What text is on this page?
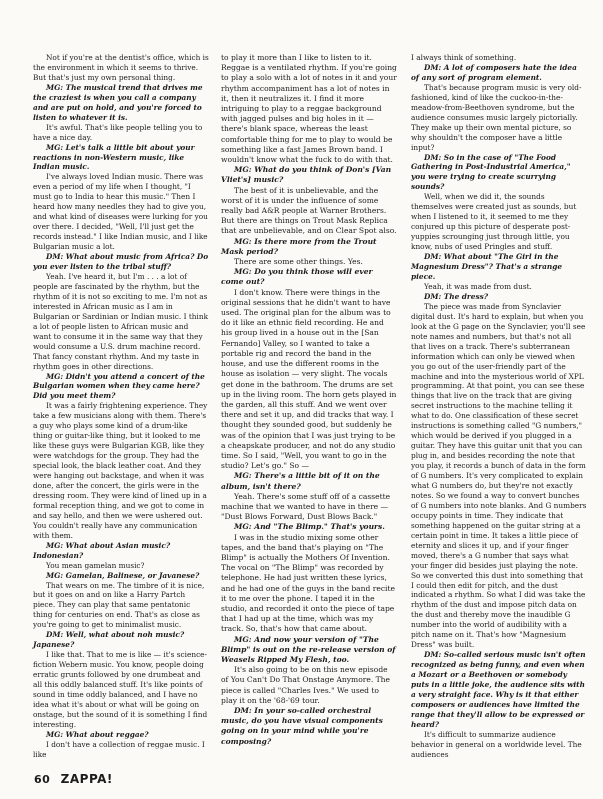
Not if you're at the dentist's office, which is the environment in which it seems to thrive. But that's just my own personal thing.

MG: The musical trend that drives me the craziest is when you call a company and are put on hold, and you're forced to listen to whatever it is.

It's awful. That's like people telling you to have a nice day.

MG: Let's talk a little bit about your reactions in non-Western music, like Indian music.

I've always loved Indian music. There was even a period of my life when I thought, "I must go to India to hear this music." Then I heard how many needles they had to give you, and what kind of diseases were lurking for you over there. I decided, "Well, I'll just get the records instead." I like Indian music, and I like Bulgarian music a lot.

DM: What about music from Africa? Do you ever listen to the tribal stuff?

Yeah. I've heard it, but I'm . . . a lot of people are fascinated by the rhythm, but the rhythm of it is not so exciting to me. I'm not as interested in African music as I am in Bulgarian or Sardinian or Indian music. I think a lot of people listen to African music and want to consume it in the same way that they would consume a U.S. drum machine record. That fancy constant rhythm. And my taste in rhythm goes in other directions.

MG: Didn't you attend a concert of the Bulgarian women when they came here? Did you meet them?

It was a fairly frightening experience. They take a few musicians along with them. There's a guy who plays some kind of a drum-like thing or guitar-like thing, but it looked to me like these guys were Bulgarian KGB, like they were watchdogs for the group. They had the special look, the black leather coat. And they were hanging out backstage, and when it was done, after the concert, the girls were in the dressing room. They were kind of lined up in a formal reception thing, and we got to come in and say hello, and then we were ushered out. You couldn't really have any communication with them.

MG: What about Asian music? Indonesian?

You mean gamelan music?

MG: Gamelan, Balinese, or Javanese?

That wears on me. The timbre of it is nice, but it goes on and on like a Harry Partch piece. They can play that same pentatonic thing for centuries on end. That's as close as you're going to get to minimalist music.

DM: Well, what about noh music? Japanese?

I like that. That to me is like — it's science-fiction Webern music. You know, people doing erratic grunts followed by one drumbeat and all this oddly balanced stuff. It's like points of sound in time oddly balanced, and I have no idea what it's about or what will be going on onstage, but the sound of it is something I find interesting.

MG: What about reggae?

I don't have a collection of reggae music. I like

to play it more than I like to listen to it. Reggae is a ventilated rhythm. If you're going to play a solo with a lot of notes in it and your rhythm accompaniment has a lot of notes in it, then it neutralizes it. I find it more intriguing to play to a reggae background with jagged pulses and big holes in it — there's blank space, whereas the least comfortable thing for me to play to would be something like a fast James Brown band. I wouldn't know what the fuck to do with that.

MG: What do you think of Don's [Van Vliet's] music?

The best of it is unbelievable, and the worst of it is under the influence of some really bad A&R people at Warner Brothers. But there are things on Trout Mask Replica that are unbelievable, and on Clear Spot also.

MG: Is there more from the Trout Mask period?

There are some other things. Yes.

MG: Do you think those will ever come out?

I don't know. There were things in the original sessions that he didn't want to have used. The original plan for the album was to do it like an ethnic field recording. He and his group lived in a house out in the [San Fernando] Valley, so I wanted to take a portable rig and record the band in the house, and use the different rooms in the house as isolation — very slight. The vocals get done in the bathroom. The drums are set up in the living room. The horn gets played in the garden, all this stuff. And we went over there and set it up, and did tracks that way. I thought they sounded good, but suddenly he was of the opinion that I was just trying to be a cheapskate producer, and not do any studio time. So I said, "Well, you want to go in the studio? Let's go." So —

MG: There's a little bit of it on the album, isn't there?

Yeah. There's some stuff off of a cassette machine that we wanted to have in there — "Dust Blows Forward, Dust Blows Back."

MG: And "The Blimp." That's yours.

I was in the studio mixing some other tapes, and the band that's playing on "The Blimp" is actually the Mothers Of Invention. The vocal on "The Blimp" was recorded by telephone. He had just written these lyrics, and he had one of the guys in the band recite it to me over the phone. I taped it in the studio, and recorded it onto the piece of tape that I had up at the time, which was my track. So, that's how that came about.

MG: And now your version of "The Blimp" is out on the re-release version of Weasels Ripped My Flesh, too.

It's also going to be on this new episode of You Can't Do That Onstage Anymore. The piece is called "Charles Ives." We used to play it on the '68-'69 tour.

DM: In your so-called orchestral music, do you have visual components going on in your mind while you're composing?

I always think of something.

DM: A lot of composers hate the idea of any sort of program element.

That's because program music is very old-fashioned, kind of like the cuckoo-in-the-meadow-from-Beethoven syndrome, but the audience consumes music largely pictorially. They make up their own mental picture, so why shouldn't the composer have a little input?

DM: So in the case of "The Food Gathering in Post-Industrial America," you were trying to create scurrying sounds?

Well, when we did it, the sounds themselves were created just as sounds, but when I listened to it, it seemed to me they conjured up this picture of desperate post-yuppies scrounging just through little, you know, nubs of used Pringles and stuff.

DM: What about "The Girl in the Magnesium Dress"? That's a strange piece.

Yeah, it was made from dust.

DM: The dress?

The piece was made from Synclavier digital dust. It's hard to explain, but when you look at the G page on the Synclavier, you'll see note names and numbers, but that's not all that lives on a track. There's subterranean information which can only be viewed when you go out of the user-friendly part of the machine and into the mysterious world of XPL programming. At that point, you can see these things that live on the track that are giving secret instructions to the machine telling it what to do. One classification of these secret instructions is something called "G numbers," which would be derived if you plugged in a guitar. They have this guitar unit that you can plug in, and besides recording the note that you play, it records a bunch of data in the form of G numbers. It's very complicated to explain what G numbers do, but they're not exactly notes. So we found a way to convert bunches of G numbers into note blanks. And G numbers occupy points in time. They indicate that something happened on the guitar string at a certain point in time. It takes a little piece of eternity and slices it up, and if your finger moved, there's a G number that says what your finger did besides just playing the note. So we converted this dust into something that I could then edit for pitch, and the dust indicated a rhythm. So what I did was take the rhythm of the dust and impose pitch data on the dust and thereby move the inaudible G number into the world of audibility with a pitch name on it. That's how "Magnesium Dress" was built.

DM: So-called serious music isn't often recognized as being funny, and even when a Mozart or a Beethoven or somebody puts in a little joke, the audience sits with a very straight face. Why is it that either composers or audiences have limited the range that they'll allow to be expressed or heard?

It's difficult to summarize audience behavior in general on a worldwide level. The audiences

60 ZAPPA!
